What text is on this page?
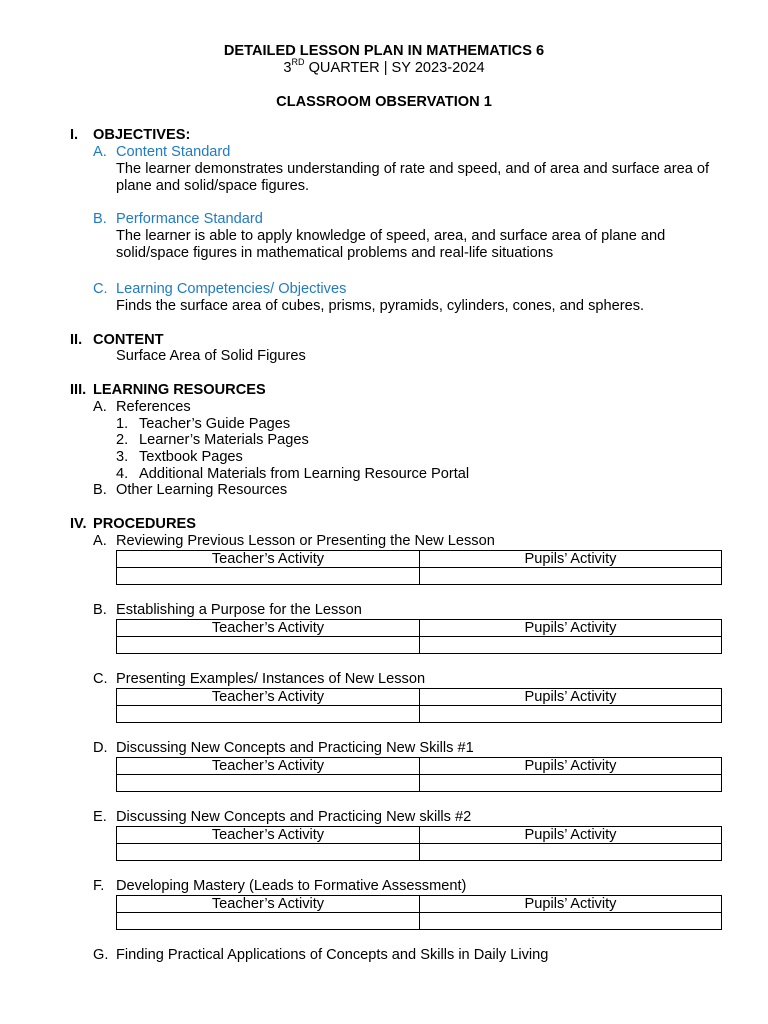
DETAILED LESSON PLAN IN MATHEMATICS 6
3RD QUARTER | SY 2023-2024
CLASSROOM OBSERVATION 1
I. OBJECTIVES:
A. Content Standard
The learner demonstrates understanding of rate and speed, and of area and surface area of plane and solid/space figures.
B. Performance Standard
The learner is able to apply knowledge of speed, area, and surface area of plane and solid/space figures in mathematical problems and real-life situations
C. Learning Competencies/ Objectives
Finds the surface area of cubes, prisms, pyramids, cylinders, cones, and spheres.
II. CONTENT
Surface Area of Solid Figures
III. LEARNING RESOURCES
A. References
1. Teacher’s Guide Pages
2. Learner’s Materials Pages
3. Textbook Pages
4. Additional Materials from Learning Resource Portal
B. Other Learning Resources
IV. PROCEDURES
A. Reviewing Previous Lesson or Presenting the New Lesson
Teacher’s Activity	Pupils’ Activity

B. Establishing a Purpose for the Lesson
Teacher’s Activity	Pupils’ Activity

C. Presenting Examples/ Instances of New Lesson
Teacher’s Activity	Pupils’ Activity

D. Discussing New Concepts and Practicing New Skills #1
Teacher’s Activity	Pupils’ Activity

E. Discussing New Concepts and Practicing New skills #2
Teacher’s Activity	Pupils’ Activity

F. Developing Mastery (Leads to Formative Assessment)
Teacher’s Activity	Pupils’ Activity

G. Finding Practical Applications of Concepts and Skills in Daily Living
